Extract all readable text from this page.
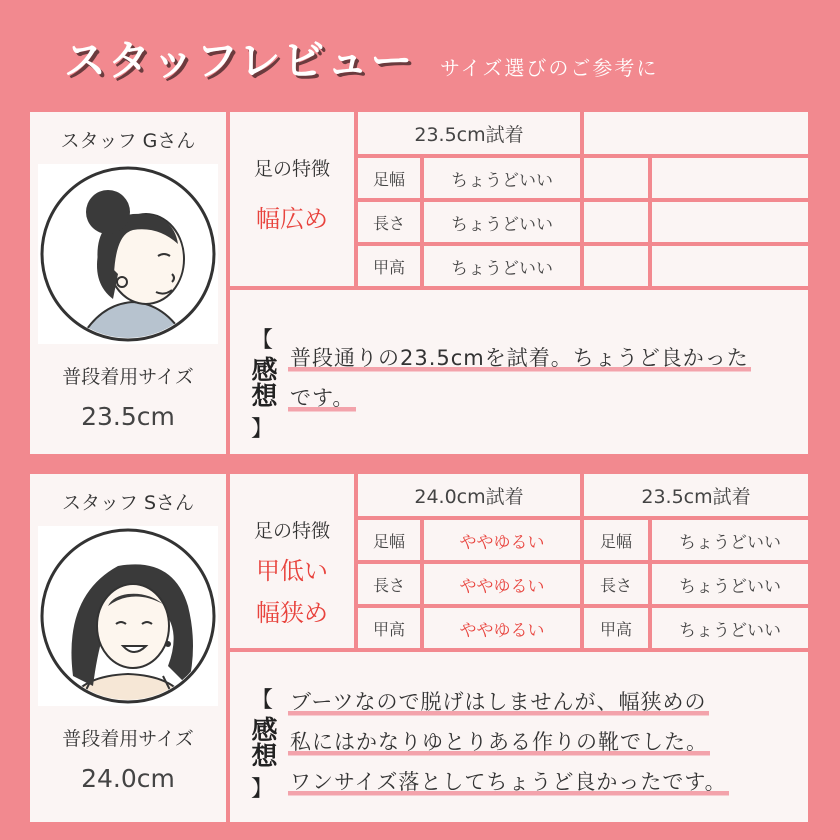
スタッフレビュー サイズ選びのご参考に
スタッフ Gさん
普段着用サイズ
23.5cm
足の特徴
幅広め
23.5cm試着
足幅	ちょうどいい
長さ	ちょうどいい
甲高	ちょうどいい
【
感想
】
普段通りの23.5cmを試着。ちょうど良かった
です。
スタッフ Sさん
普段着用サイズ
24.0cm
足の特徴
甲低い
幅狭め
24.0cm試着	23.5cm試着
足幅	ややゆるい	足幅	ちょうどいい
長さ	ややゆるい	長さ	ちょうどいい
甲高	ややゆるい	甲高	ちょうどいい
【
感想
】
ブーツなので脱げはしませんが、幅狭めの
私にはかなりゆとりある作りの靴でした。
ワンサイズ落としてちょうど良かったです。
